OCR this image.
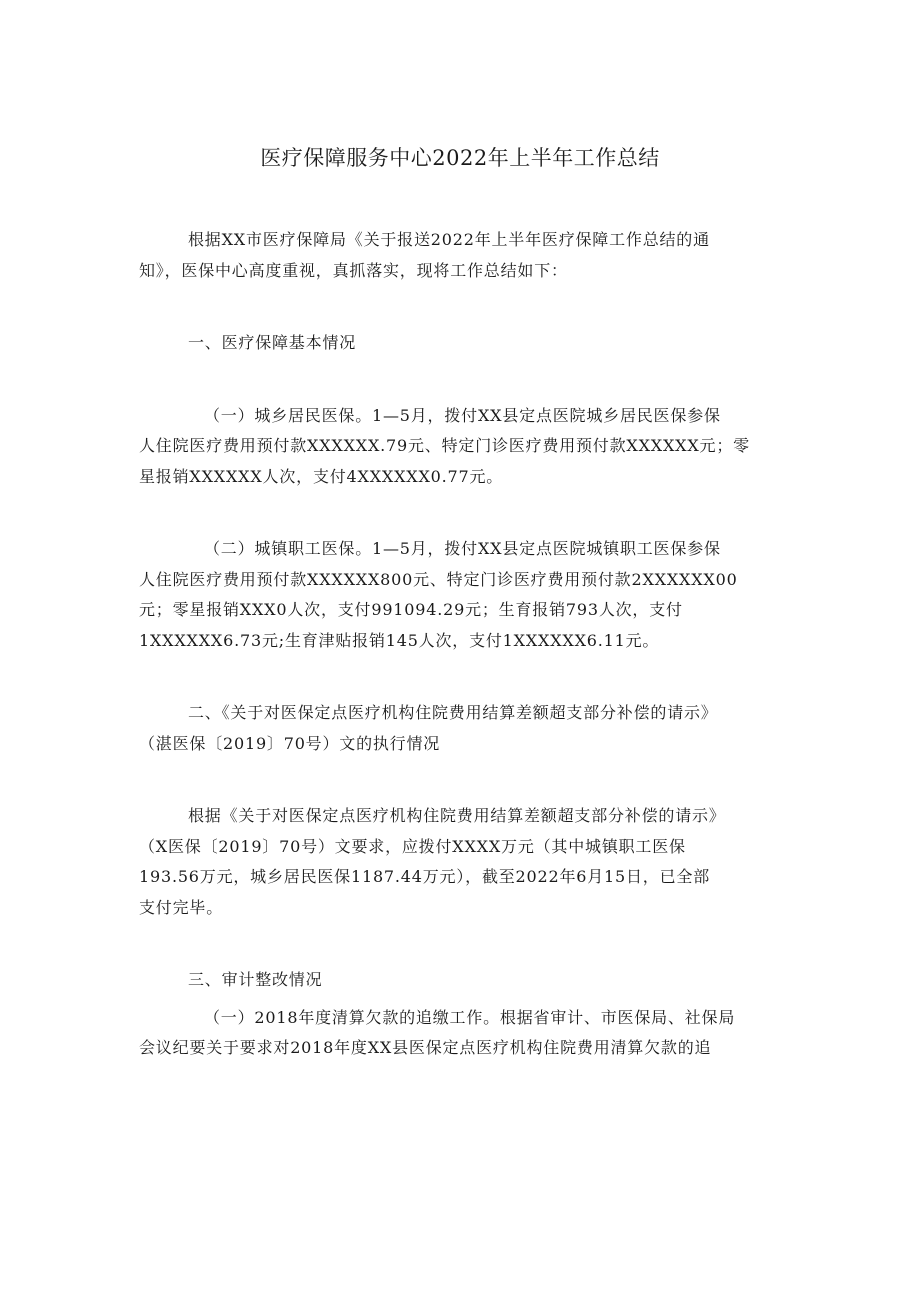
医疗保障服务中心2022年上半年工作总结

根据XX市医疗保障局《关于报送2022年上半年医疗保障工作总结的通
知》，医保中心高度重视，真抓落实，现将工作总结如下：

一、医疗保障基本情况

（一）城乡居民医保。1—5月，拨付XX县定点医院城乡居民医保参保
人住院医疗费用预付款XXXXXX.79元、特定门诊医疗费用预付款XXXXXX元；零
星报销XXXXXX人次，支付4XXXXXX0.77元。

（二）城镇职工医保。1—5月，拨付XX县定点医院城镇职工医保参保
人住院医疗费用预付款XXXXXX800元、特定门诊医疗费用预付款2XXXXXX00
元；零星报销XXX0人次，支付991094.29元；生育报销793人次，支付
1XXXXXX6.73元;生育津贴报销145人次，支付1XXXXXX6.11元。

二、《关于对医保定点医疗机构住院费用结算差额超支部分补偿的请示》
（湛医保〔2019〕70号）文的执行情况

根据《关于对医保定点医疗机构住院费用结算差额超支部分补偿的请示》
（X医保〔2019〕70号）文要求，应拨付XXXX万元（其中城镇职工医保
193.56万元，城乡居民医保1187.44万元），截至2022年6月15日，已全部
支付完毕。

三、审计整改情况

（一）2018年度清算欠款的追缴工作。根据省审计、市医保局、社保局
会议纪要关于要求对2018年度XX县医保定点医疗机构住院费用清算欠款的追
